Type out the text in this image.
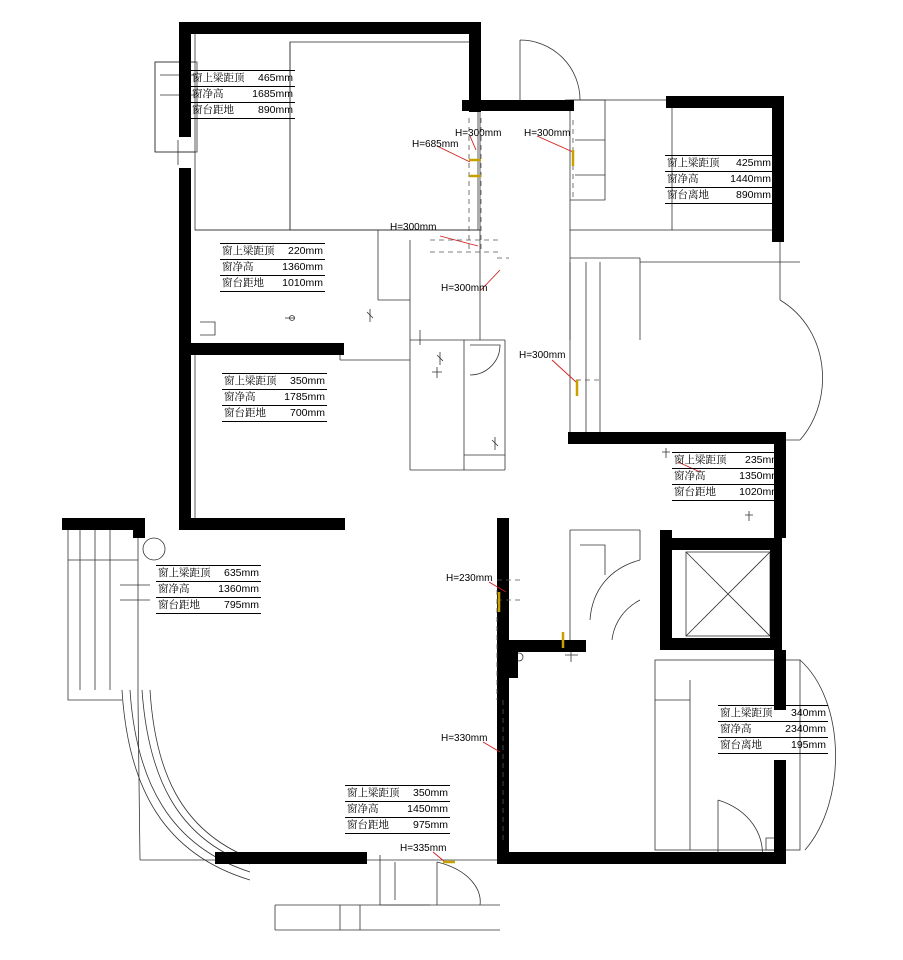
窗上梁距顶	465mm
窗净高	1685mm
窗台距地	890mm
窗上梁距顶	425mm
窗净高	1440mm
窗台离地	890mm
窗上梁距顶	220mm
窗净高	1360mm
窗台距地	1010mm
窗上梁距顶	350mm
窗净高	1785mm
窗台距地	700mm
窗上梁距顶	235mm
窗净高	1350mm
窗台距地	1020mm
窗上梁距顶	635mm
窗净高	1360mm
窗台距地	795mm
窗上梁距顶	340mm
窗净高	2340mm
窗台离地	195mm
窗上梁距顶	350mm
窗净高	1450mm
窗台距地	975mm
H=685mm
H=300mm H=300mm
H=300mm
H=300mm
H=300mm
H=230mm
H=330mm
H=335mm
